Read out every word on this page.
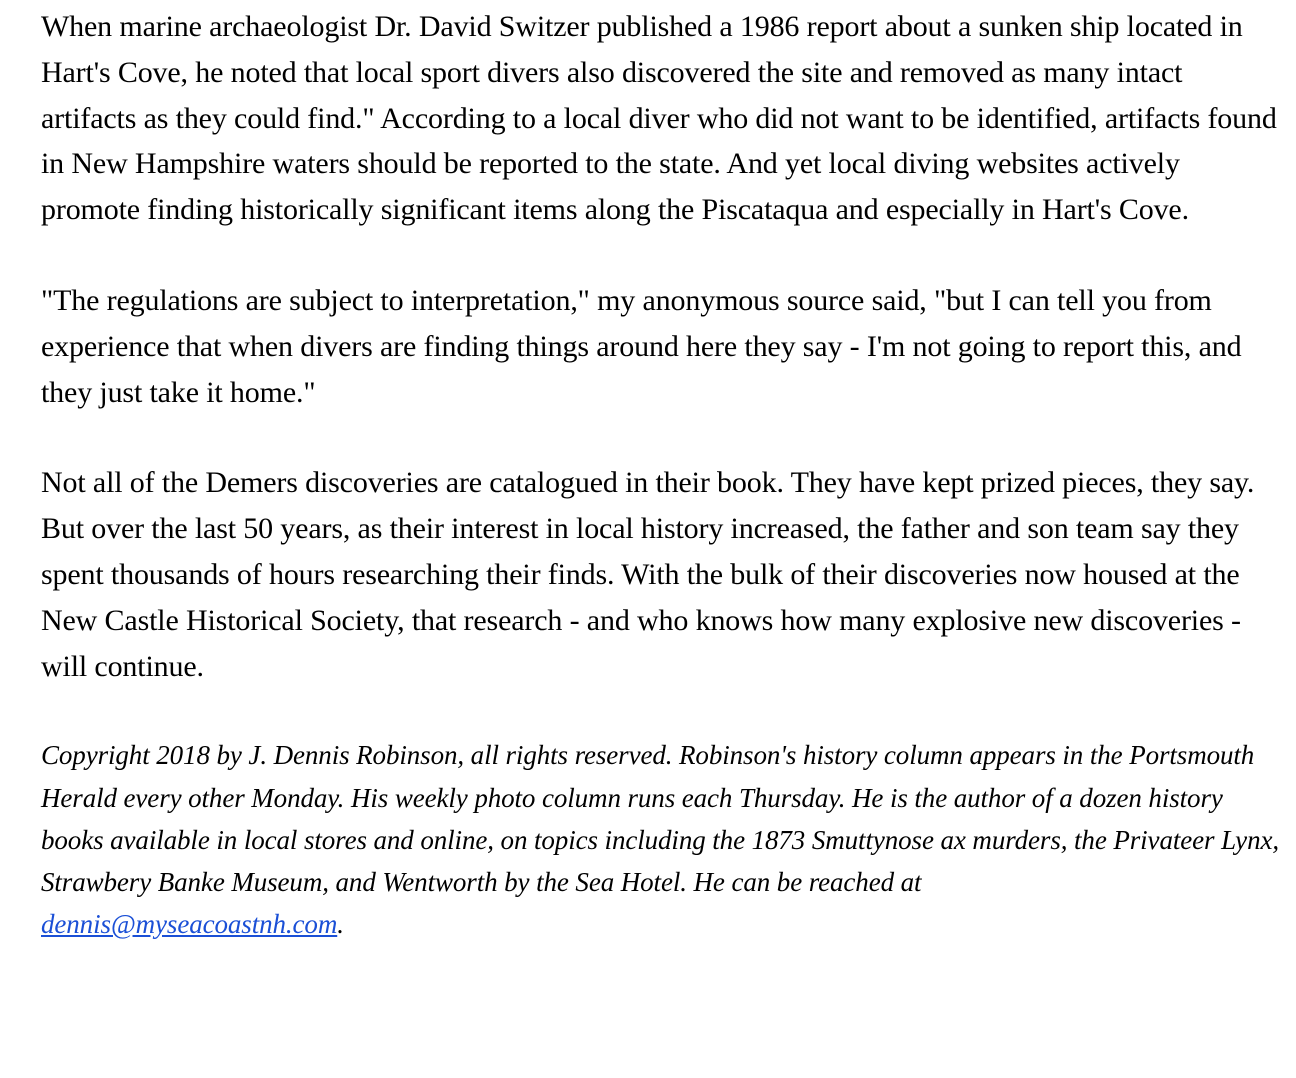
When marine archaeologist Dr. David Switzer published a 1986 report about a sunken ship located in Hart's Cove, he noted that local sport divers also discovered the site and removed as many intact artifacts as they could find." According to a local diver who did not want to be identified, artifacts found in New Hampshire waters should be reported to the state. And yet local diving websites actively promote finding historically significant items along the Piscataqua and especially in Hart's Cove.

"The regulations are subject to interpretation," my anonymous source said, "but I can tell you from experience that when divers are finding things around here they say - I'm not going to report this, and they just take it home."

Not all of the Demers discoveries are catalogued in their book. They have kept prized pieces, they say. But over the last 50 years, as their interest in local history increased, the father and son team say they spent thousands of hours researching their finds. With the bulk of their discoveries now housed at the New Castle Historical Society, that research - and who knows how many explosive new discoveries - will continue.

Copyright 2018 by J. Dennis Robinson, all rights reserved. Robinson's history column appears in the Portsmouth Herald every other Monday. His weekly photo column runs each Thursday. He is the author of a dozen history books available in local stores and online, on topics including the 1873 Smuttynose ax murders, the Privateer Lynx, Strawbery Banke Museum, and Wentworth by the Sea Hotel. He can be reached at
dennis@myseacoastnh.com.
